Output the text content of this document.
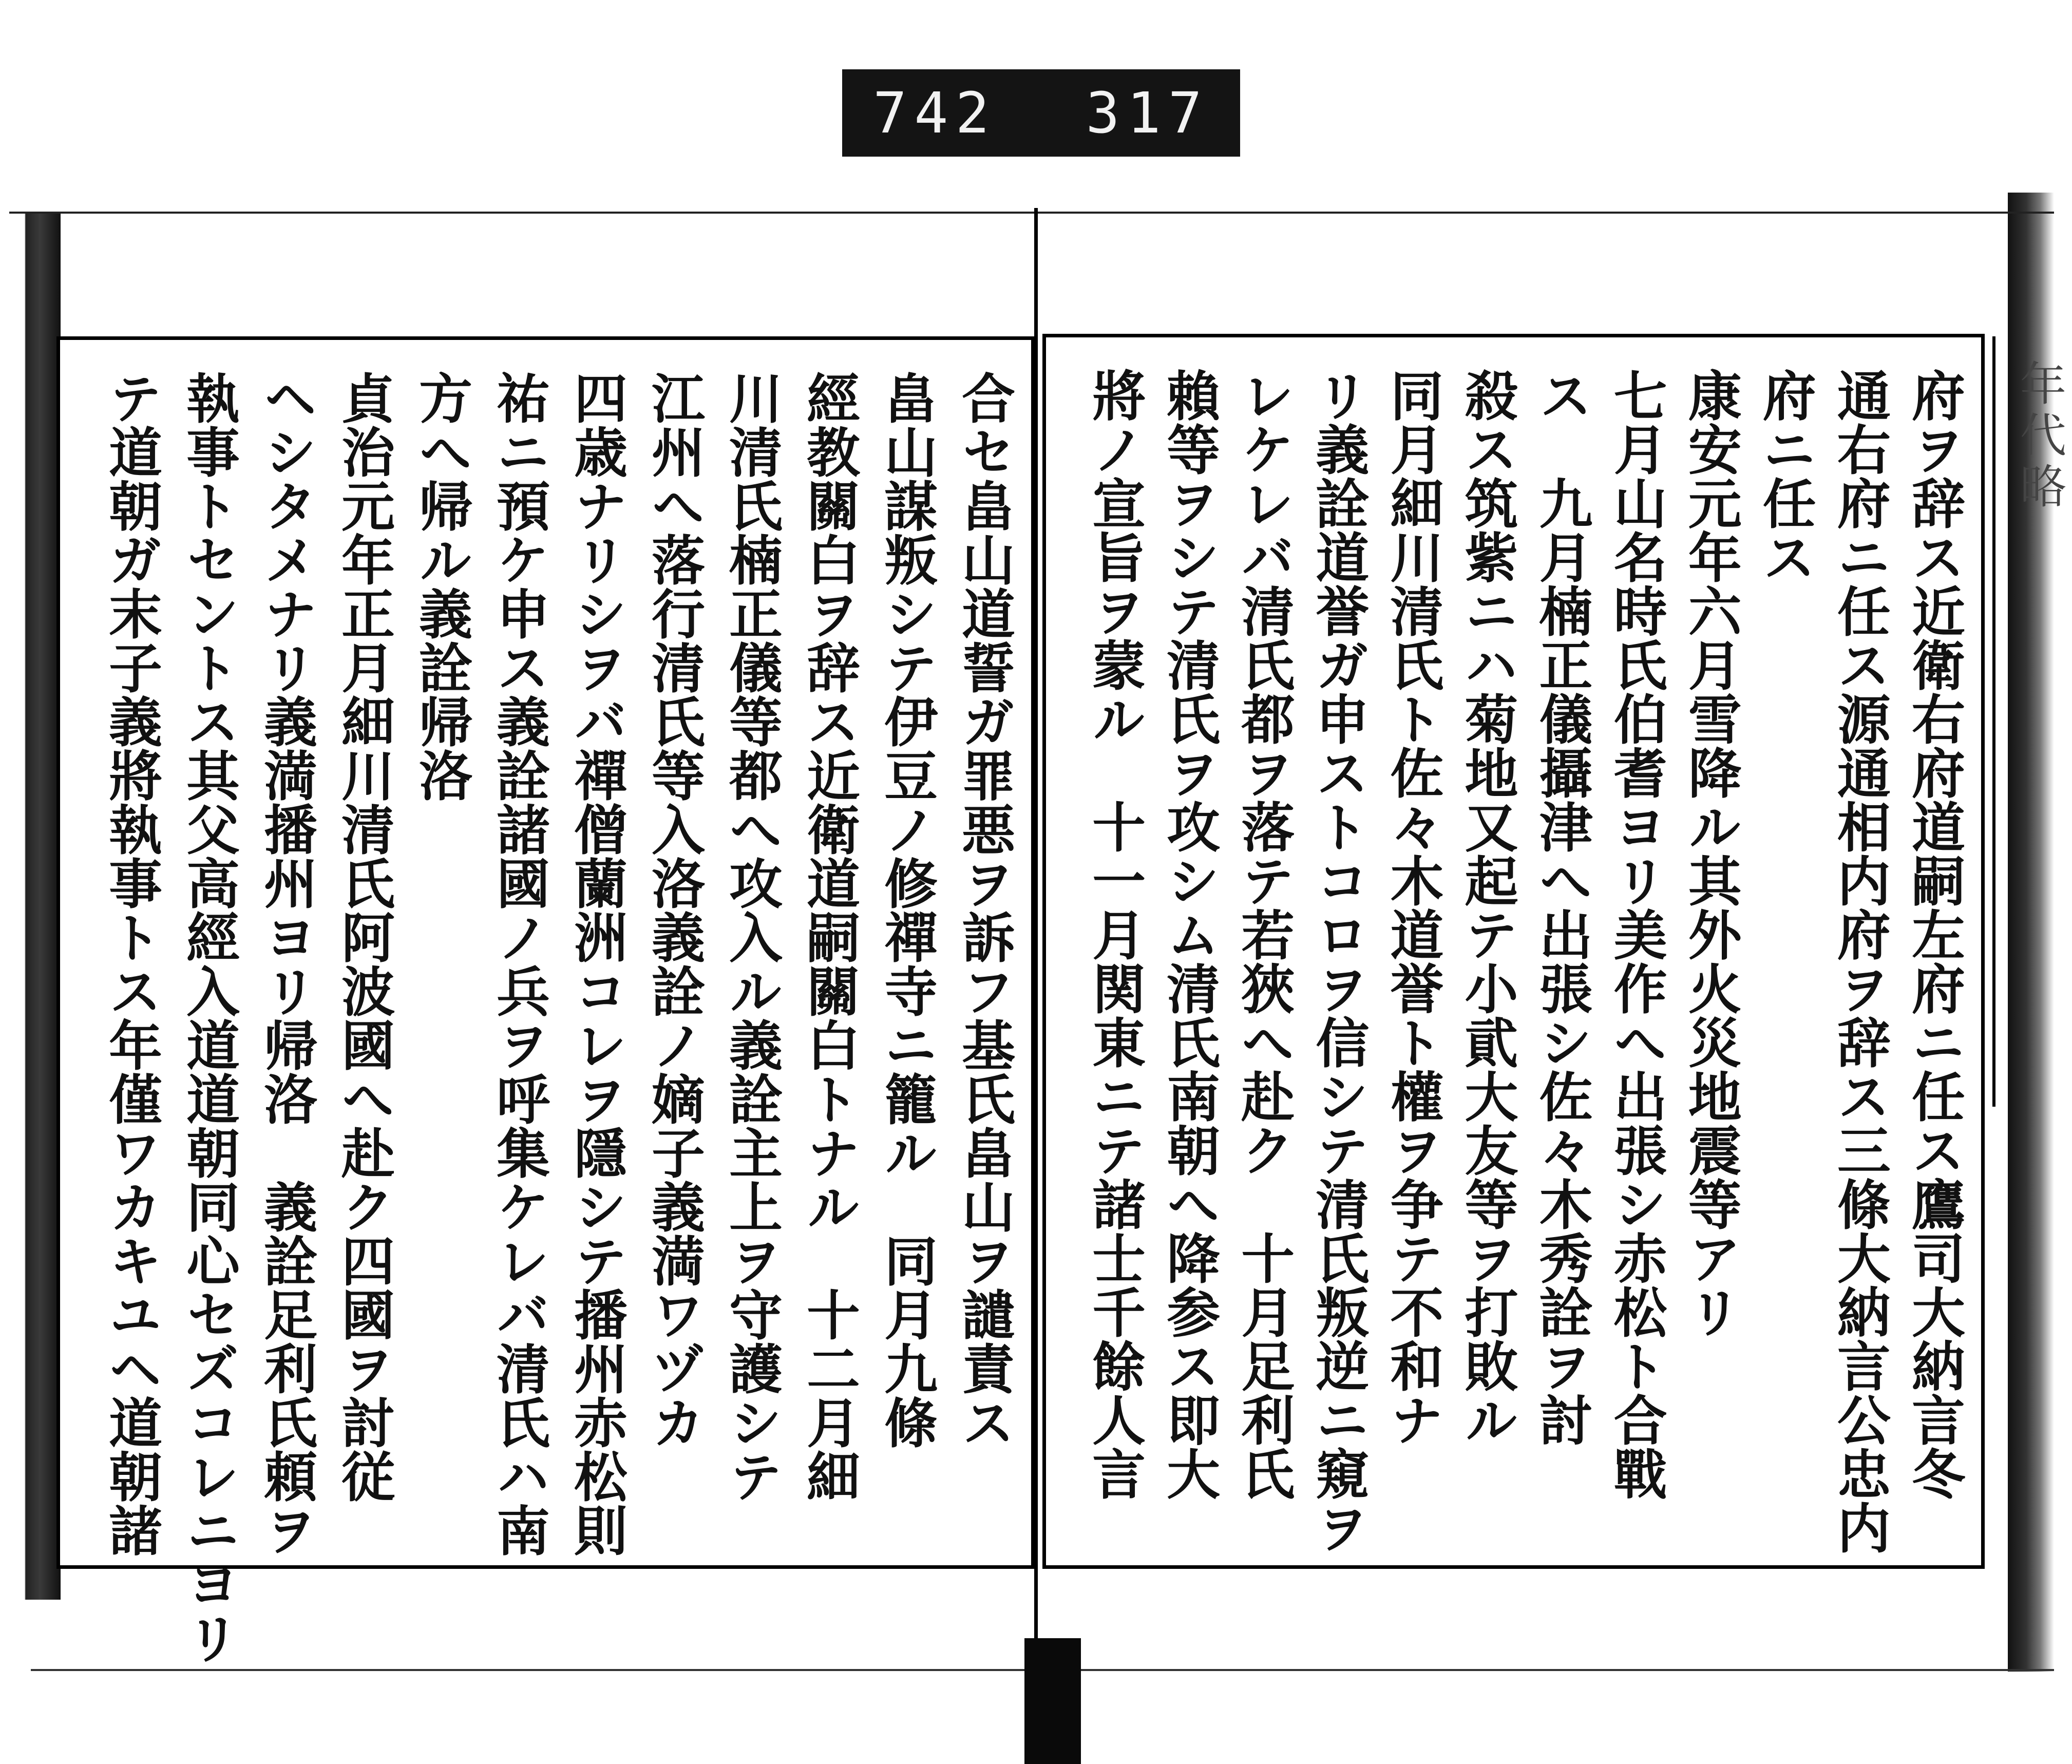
742 317
合セ畠山道誓ガ罪悪ヲ訴フ基氏畠山ヲ譴責ス
畠山謀叛シテ伊豆ノ修禪寺ニ籠ル　同月九條
經教關白ヲ辞ス近衛道嗣關白トナル　十二月細
川清氏楠正儀等都へ攻入ル義詮主上ヲ守護シテ
江州へ落行清氏等入洛義詮ノ嫡子義満ワヅカ
四歳ナリシヲバ禪僧蘭洲コレヲ隱シテ播州赤松則
祐ニ預ケ申ス義詮諸國ノ兵ヲ呼集ケレバ清氏ハ南
方へ帰ル義詮帰洛
貞治元年正月細川清氏阿波國へ赴ク四國ヲ討従
ヘシタメナリ義満播州ヨリ帰洛　義詮足利氏頼ヲ
執事トセントス其父高經入道道朝同心セズコレニヨリ
テ道朝ガ末子義將執事トス年僅ワカキユヘ道朝諸	府ヲ辞ス近衛右府道嗣左府ニ任ス鷹司大納言冬
通右府ニ任ス源通相内府ヲ辞ス三條大納言公忠内
府ニ任ス
康安元年六月雪降ル其外火災地震等アリ
七月山名時氏伯耆ヨリ美作へ出張シ赤松ト合戰
ス　九月楠正儀攝津へ出張シ佐々木秀詮ヲ討
殺ス筑紫ニハ菊地又起テ小貮大友等ヲ打敗ル
同月細川清氏ト佐々木道誉ト權ヲ争テ不和ナ
リ義詮道誉ガ申ストコロヲ信シテ清氏叛逆ニ窺ヲ
レケレバ清氏都ヲ落テ若狹へ赴ク　十月足利氏
賴等ヲシテ清氏ヲ攻シム清氏南朝へ降参ス即大
將ノ宣旨ヲ蒙ル　十一月関東ニテ諸士千餘人言	年代略
